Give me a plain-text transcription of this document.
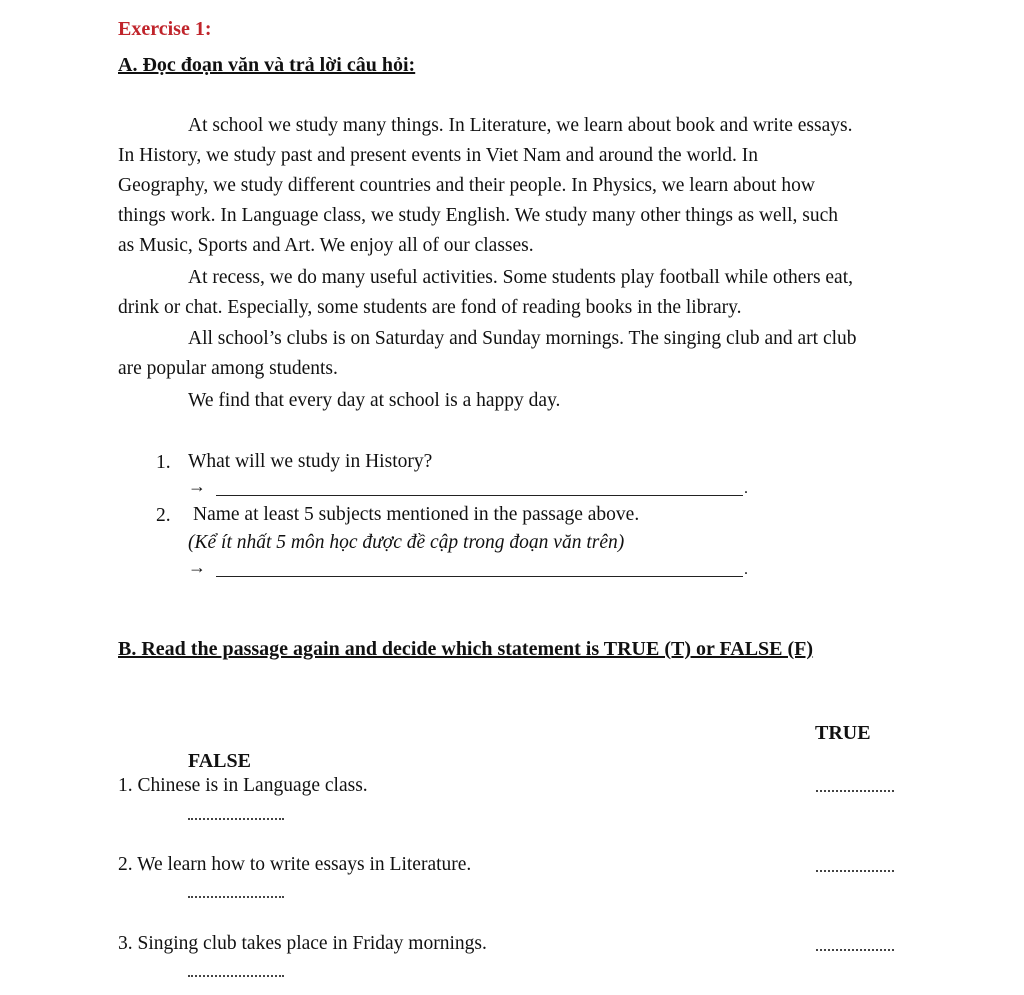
Exercise 1:
A. Đọc đoạn văn và trả lời câu hỏi:
At school we study many things. In Literature, we learn about book and write essays.
In History, we study past and present events in Viet Nam and around the world. In
Geography, we study different countries and their people. In Physics, we learn about how
things work. In Language class, we study English. We study many other things as well, such
as Music, Sports and Art. We enjoy all of our classes.
At recess, we do many useful activities. Some students play football while others eat,
drink or chat. Especially, some students are fond of reading books in the library.
All school’s clubs is on Saturday and Sunday mornings. The singing club and art club
are popular among students.
We find that every day at school is a happy day.
1. What will we study in History?
→	.
2. Name at least 5 subjects mentioned in the passage above.
(Kể ít nhất 5 môn học được đề cập trong đoạn văn trên)
→	.
B. Read the passage again and decide which statement is TRUE (T) or FALSE (F)
TRUE
FALSE
1. Chinese is in Language class.
2. We learn how to write essays in Literature.
3. Singing club takes place in Friday mornings.
